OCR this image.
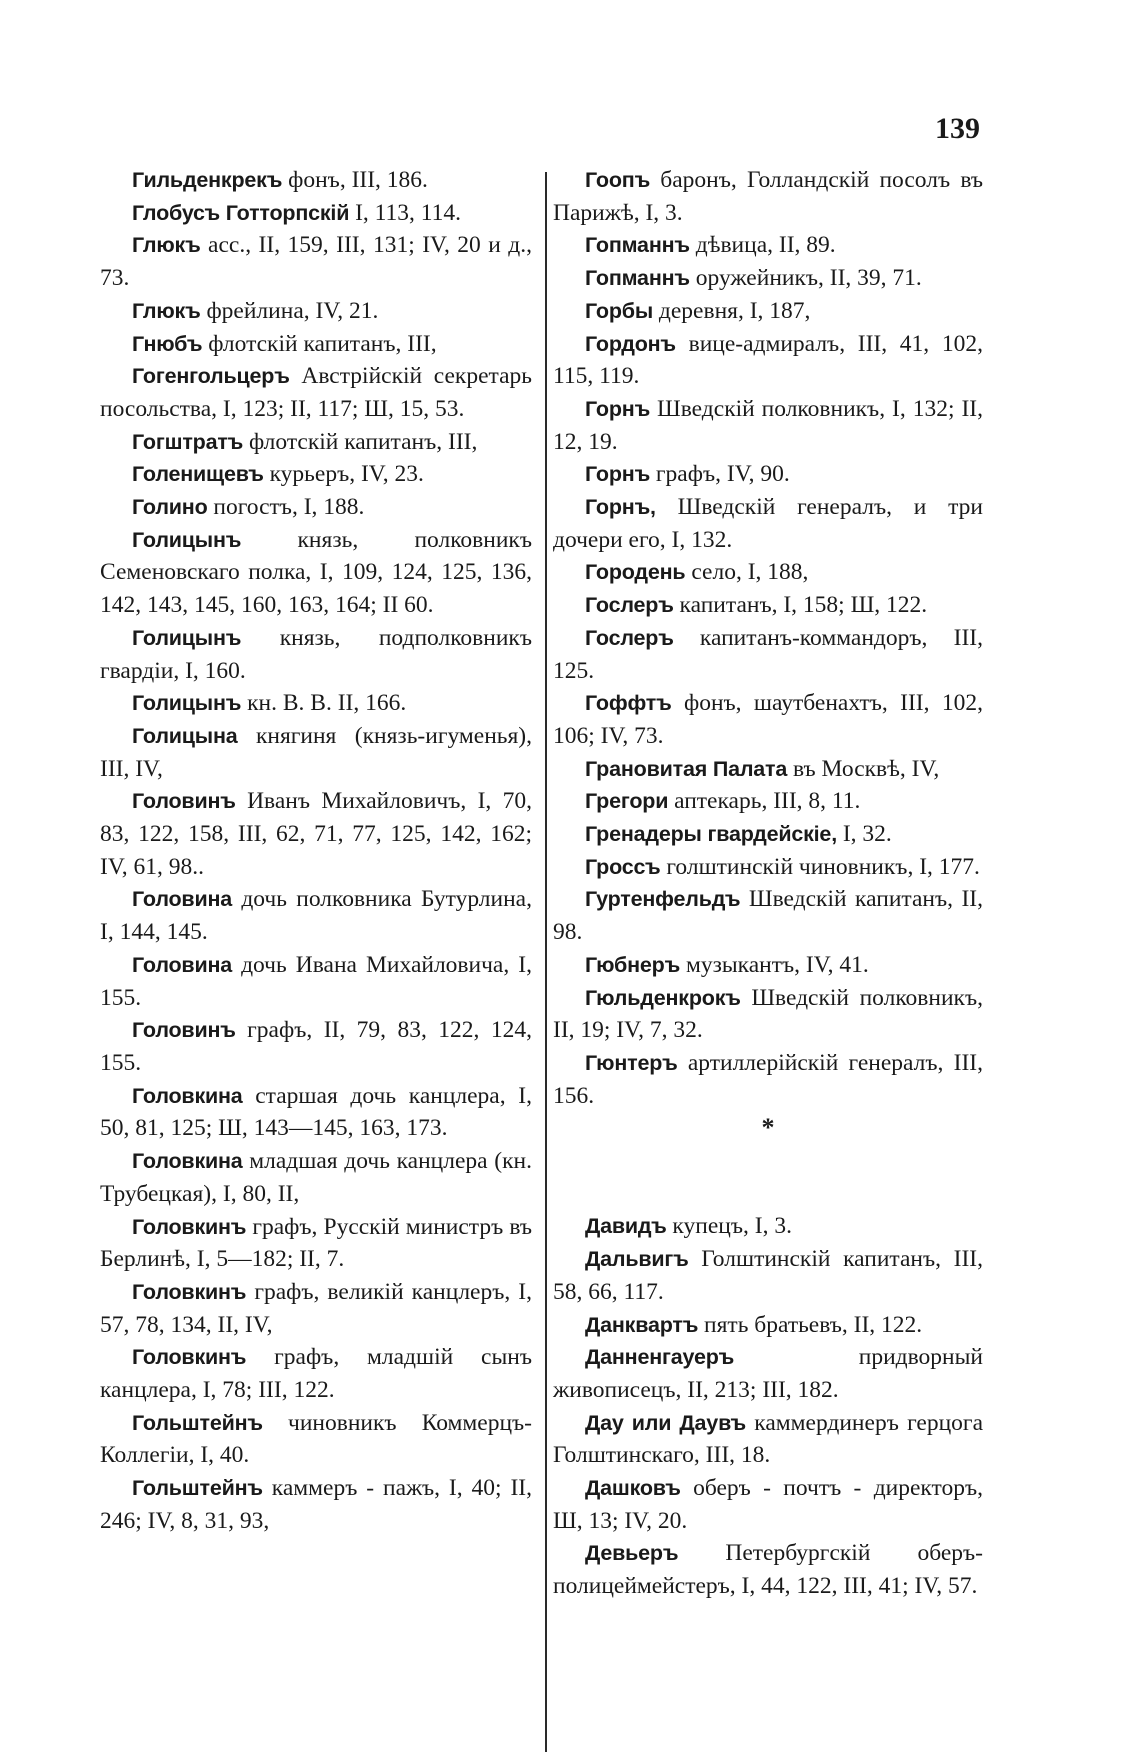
139

Гильденкрекъ фонъ, III, 186.

Глобусъ Готторпскій I, 113, 114.

Глюкъ асс., II, 159, III, 131; IV, 20 и д., 73.

Глюкъ фрейлина, IV, 21.

Гнюбъ флотскій капитанъ, III,

Гогенгольцеръ Австрійскій секретарь посольства, I, 123; II, 117; Ш, 15, 53.

Гогштратъ флотскій капитанъ, III,

Голенищевъ курьеръ, IV, 23.

Голино погостъ, I, 188.

Голицынъ князь, полковникъ Семеновскаго полка, I, 109, 124, 125, 136, 142, 143, 145, 160, 163, 164; II 60.

Голицынъ князь, подполковникъ гвардіи, I, 160.

Голицынъ кн. В. В. II, 166.

Голицына княгиня (князь-игуменья), III, IV,

Головинъ Иванъ Михайловичъ, I, 70, 83, 122, 158, III, 62, 71, 77, 125, 142, 162; IV, 61, 98..

Головина дочь полковника Бутурлина, I, 144, 145.

Головина дочь Ивана Михайловича, I, 155.

Головинъ графъ, II, 79, 83, 122, 124, 155.

Головкина старшая дочь канцлера, I, 50, 81, 125; Ш, 143—145, 163, 173.

Головкина младшая дочь канцлера (кн. Трубецкая), I, 80, II,

Головкинъ графъ, Русскій министръ въ Берлинѣ, I, 5—182; II, 7.

Головкинъ графъ, великій канцлеръ, I, 57, 78, 134, II, IV,

Головкинъ графъ, младшій сынъ канцлера, I, 78; III, 122.

Гольштейнъ чиновникъ Коммерцъ-Коллегіи, I, 40.

Гольштейнъ каммеръ - пажъ, I, 40; II, 246; IV, 8, 31, 93,

Гоопъ баронъ, Голландскій посолъ въ Парижѣ, I, 3.

Гопманнъ дѣвица, II, 89.

Гопманнъ оружейникъ, II, 39, 71.

Горбы деревня, I, 187,

Гордонъ вице-адмиралъ, III, 41, 102, 115, 119.

Горнъ Шведскій полковникъ, I, 132; II, 12, 19.

Горнъ графъ, IV, 90.

Горнъ, Шведскій генералъ, и три дочери его, I, 132.

Городень село, I, 188,

Гослеръ капитанъ, I, 158; Ш, 122.

Гослеръ капитанъ-коммандоръ, III, 125.

Гоффтъ фонъ, шаутбенахтъ, III, 102, 106; IV, 73.

Грановитая Палата въ Москвѣ, IV,

Грегори аптекарь, III, 8, 11.

Гренадеры гвардейскіе, I, 32.

Гроссъ голштинскій чиновникъ, I, 177.

Гуртенфельдъ Шведскій капитанъ, II, 98.

Гюбнеръ музыкантъ, IV, 41.

Гюльденкрокъ Шведскій полковникъ, II, 19; IV, 7, 32.

Гюнтеръ артиллерійскій генералъ, III, 156.

*

Давидъ купецъ, I, 3.

Дальвигъ Голштинскій капитанъ, III, 58, 66, 117.

Данквартъ пять братьевъ, II, 122.

Данненгауеръ	придворный живописецъ, II, 213; III, 182.

Дау или Даувъ каммердинеръ герцога Голштинскаго, III, 18.

Дашковъ оберъ - почтъ - директоръ, Ш, 13; IV, 20.

Девьеръ Петербургскій оберъ-полицеймейстеръ, I, 44, 122, III, 41; IV, 57.
